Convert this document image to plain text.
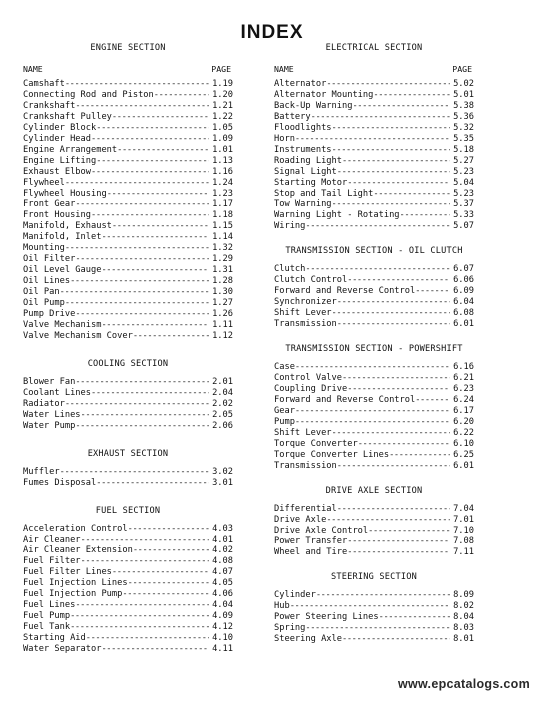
INDEX
ENGINE SECTION
NAME	PAGE
Camshaft -----	1.19
Connecting Rod and Piston -----	1.20
Crankshaft -----	1.21
Crankshaft Pulley -----	1.22
Cylinder Block -----	1.05
Cylinder Head -----	1.09
Engine Arrangement -----	1.01
Engine Lifting -----	1.13
Exhaust Elbow -----	1.16
Flywheel -----	1.24
Flywheel Housing -----	1.23
Front Gear -----	1.17
Front Housing -----	1.18
Manifold, Exhaust -----	1.15
Manifold, Inlet -----	1.14
Mounting -----	1.32
Oil Filter -----	1.29
Oil Level Gauge -----	1.31
Oil Lines -----	1.28
Oil Pan -----	1.30
Oil Pump -----	1.27
Pump Drive -----	1.26
Valve Mechanism -----	1.11
Valve Mechanism Cover -----	1.12
COOLING SECTION
Blower Fan -----	2.01
Coolant Lines -----	2.04
Radiator -----	2.02
Water Lines -----	2.05
Water Pump -----	2.06
EXHAUST SECTION
Muffler -----	3.02
Fumes Disposal -----	3.01
FUEL SECTION
Acceleration Control -----	4.03
Air Cleaner -----	4.01
Air Cleaner Extension -----	4.02
Fuel Filter -----	4.08
Fuel Filter Lines -----	4.07
Fuel Injection Lines -----	4.05
Fuel Injection Pump -----	4.06
Fuel Lines -----	4.04
Fuel Pump -----	4.09
Fuel Tank -----	4.12
Starting Aid -----	4.10
Water Separator -----	4.11
ELECTRICAL SECTION
NAME	PAGE
Alternator -----	5.02
Alternator Mounting -----	5.01
Back-Up Warning -----	5.38
Battery -----	5.36
Floodlights -----	5.32
Horn -----	5.35
Instruments -----	5.18
Roading Light -----	5.27
Signal Light -----	5.23
Starting Motor -----	5.04
Stop and Tail Light -----	5.23
Tow Warning -----	5.37
Warning Light - Rotating -----	5.33
Wiring -----	5.07
TRANSMISSION SECTION - OIL CLUTCH
Clutch -----	6.07
Clutch Control -----	6.06
Forward and Reverse Control -----	6.09
Synchronizer -----	6.04
Shift Lever -----	6.08
Transmission -----	6.01
TRANSMISSION SECTION - POWERSHIFT
Case -----	6.16
Control Valve -----	6.21
Coupling Drive -----	6.23
Forward and Reverse Control -----	6.24
Gear -----	6.17
Pump -----	6.20
Shift Lever -----	6.22
Torque Converter -----	6.10
Torque Converter Lines -----	6.25
Transmission -----	6.01
DRIVE AXLE SECTION
Differential -----	7.04
Drive Axle -----	7.01
Drive Axle Control -----	7.10
Power Transfer -----	7.08
Wheel and Tire -----	7.11
STEERING SECTION
Cylinder -----	8.09
Hub -----	8.02
Power Steering Lines -----	8.04
Spring -----	8.03
Steering Axle -----	8.01
www.epcatalogs.com
